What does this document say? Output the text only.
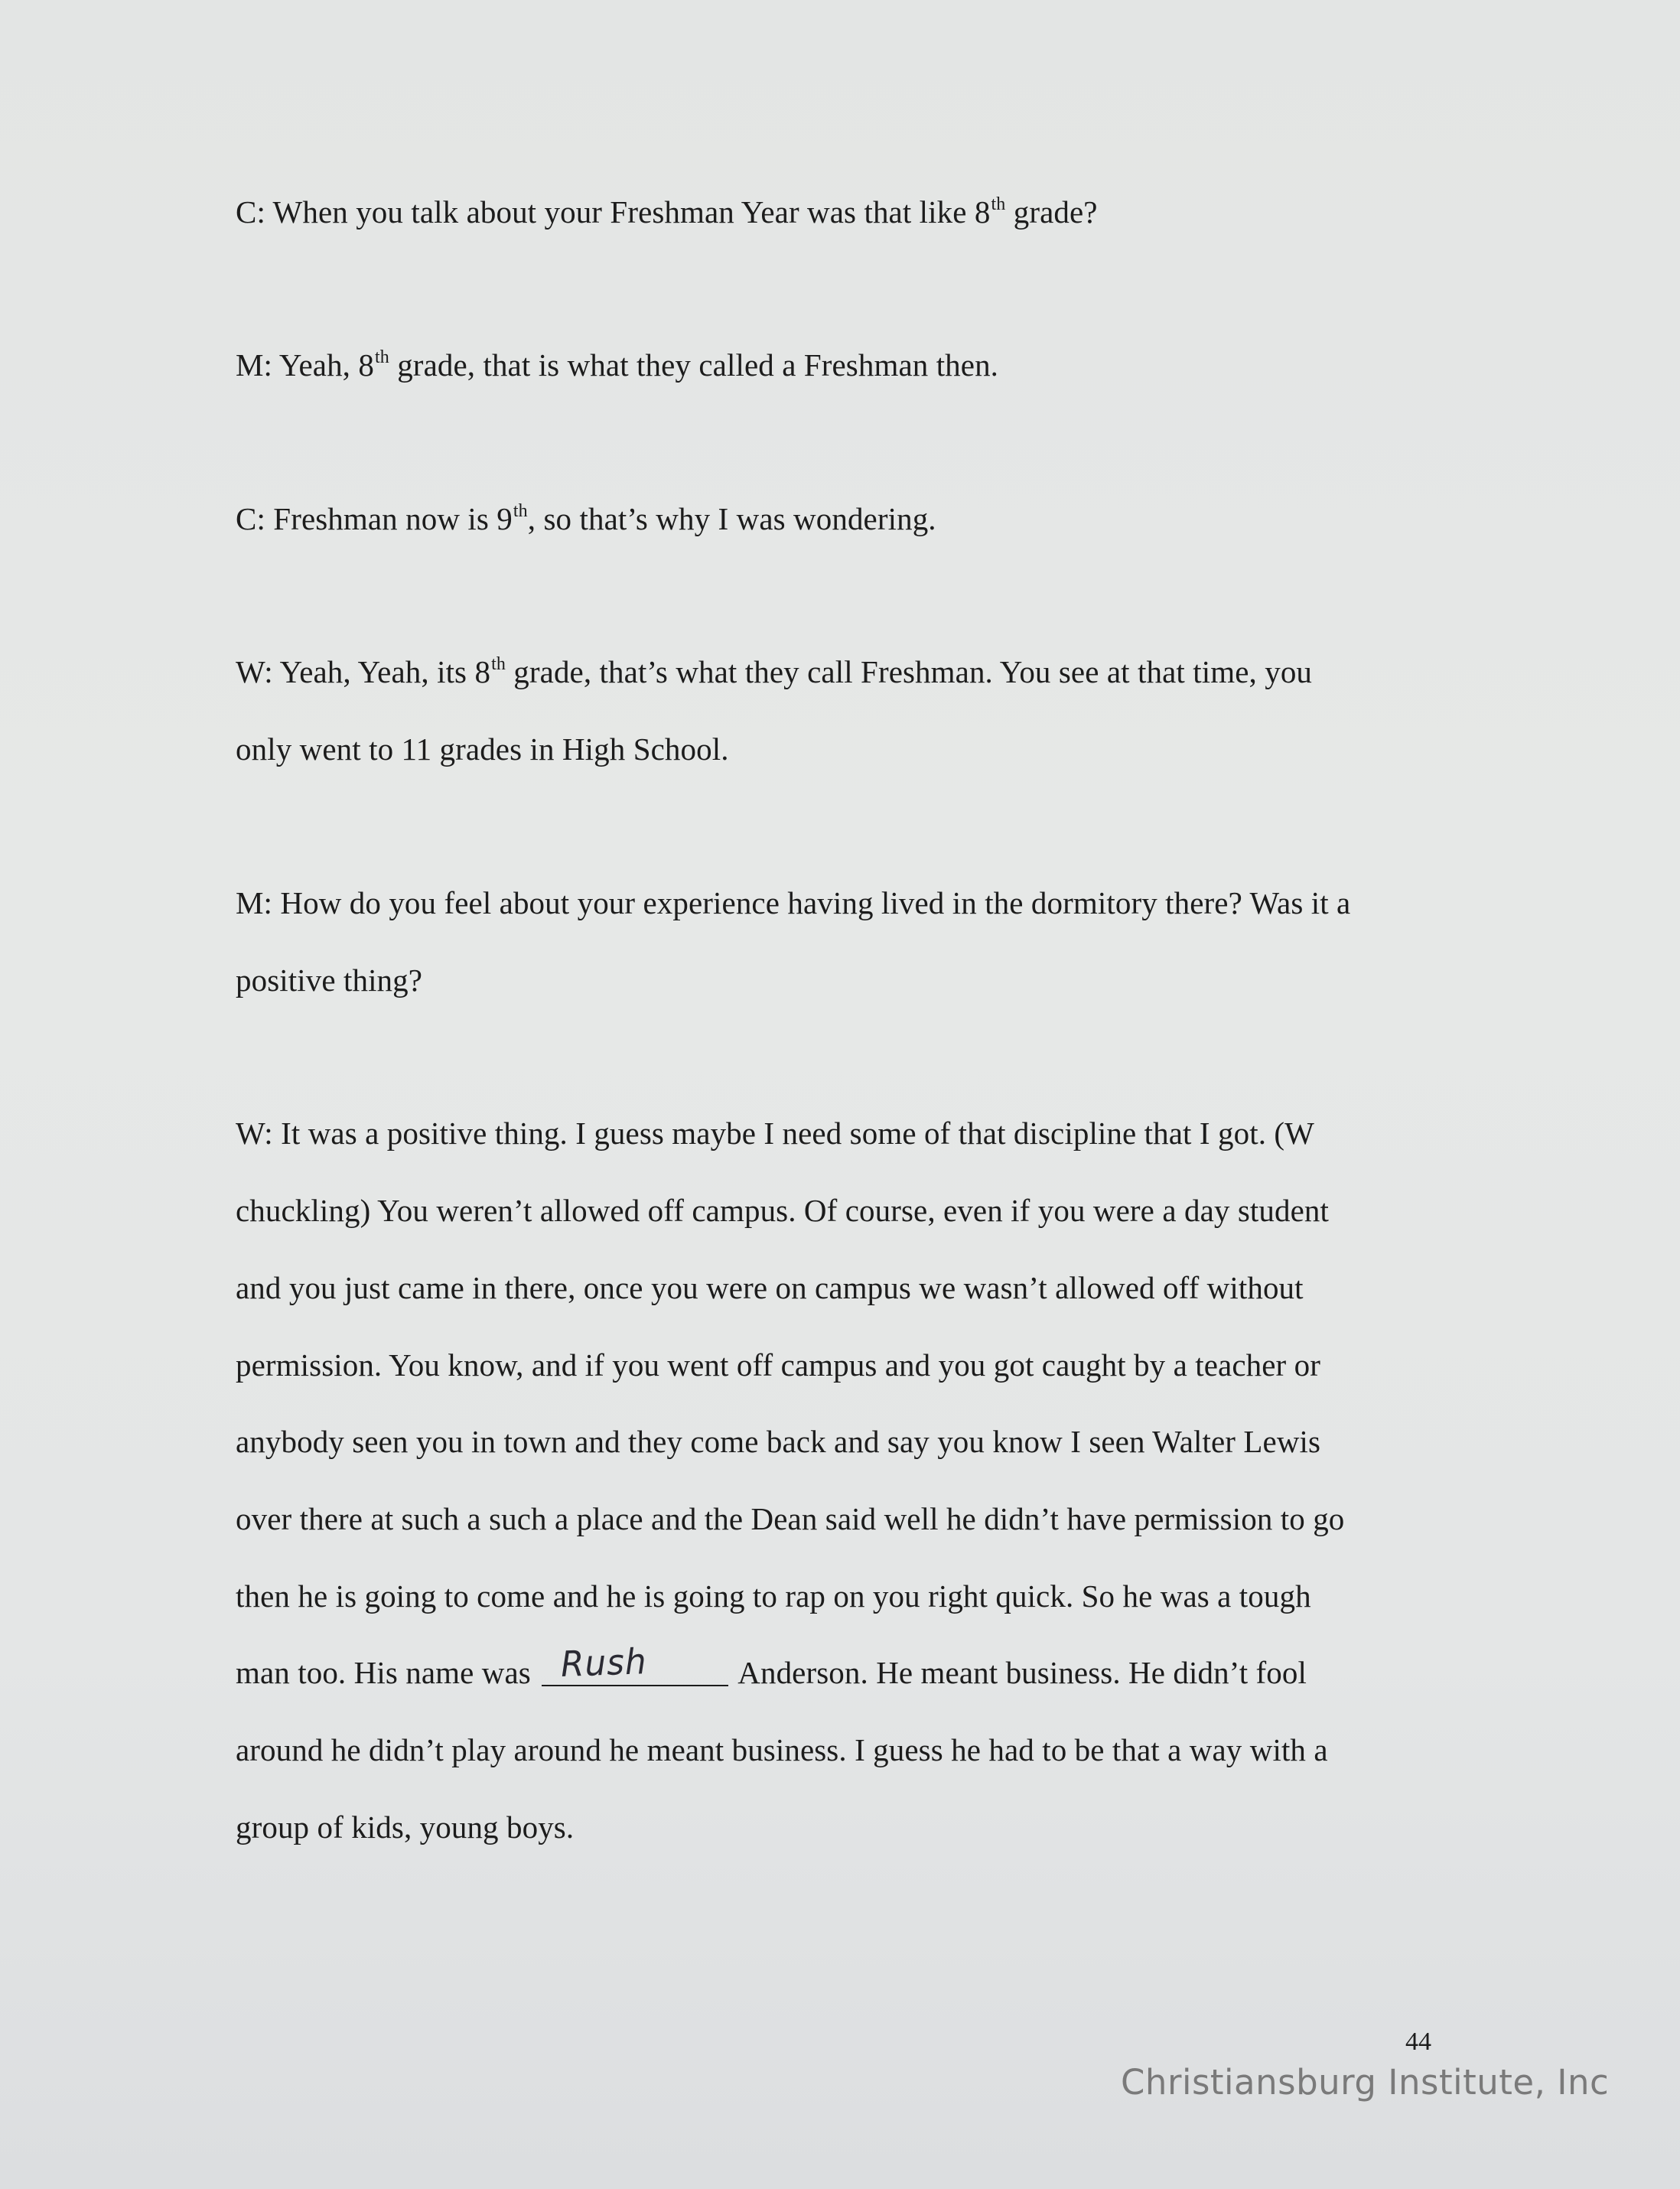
C: When you talk about your Freshman Year was that like 8th grade?
M: Yeah, 8th grade, that is what they called a Freshman then.
C: Freshman now is 9th, so that’s why I was wondering.
W: Yeah, Yeah, its 8th grade, that’s what they call Freshman. You see at that time, you
only went to 11 grades in High School.
M: How do you feel about your experience having lived in the dormitory there? Was it a
positive thing?
W: It was a positive thing. I guess maybe I need some of that discipline that I got. (W
chuckling) You weren’t allowed off campus. Of course, even if you were a day student
and you just came in there, once you were on campus we wasn’t allowed off without
permission. You know, and if you went off campus and you got caught by a teacher or
anybody seen you in town and they come back and say you know I seen Walter Lewis
over there at such a such a place and the Dean said well he didn’t have permission to go
then he is going to come and he is going to rap on you right quick. So he was a tough
man too. His name was Rush	Anderson. He meant business. He didn’t fool
around he didn’t play around he meant business. I guess he had to be that a way with a
group of kids, young boys.
Christiansburg Institute, Inc
44
